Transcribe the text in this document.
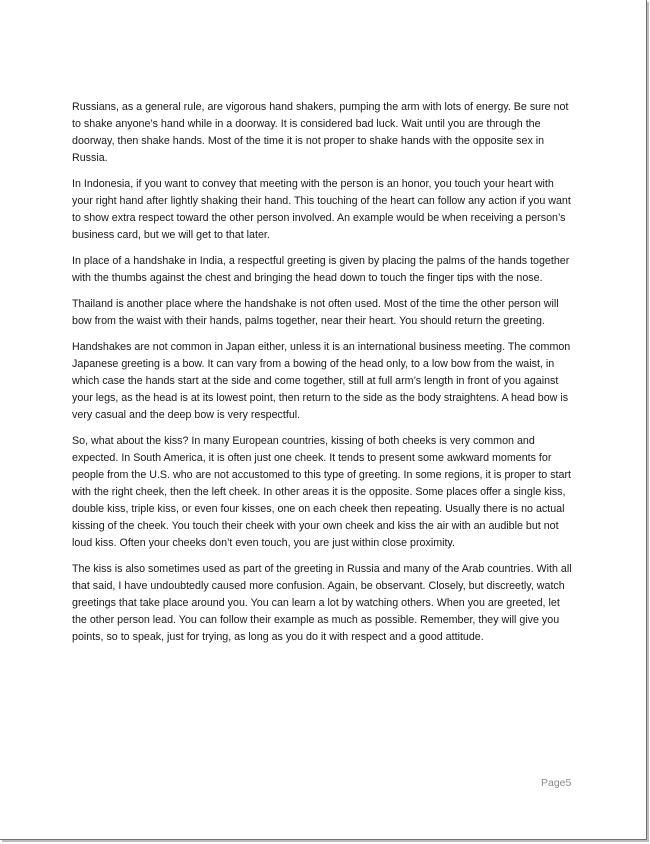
Russians, as a general rule, are vigorous hand shakers, pumping the arm with lots of energy. Be sure not to shake anyone’s hand while in a doorway. It is considered bad luck. Wait until you are through the doorway, then shake hands. Most of the time it is not proper to shake hands with the opposite sex in Russia.

In Indonesia, if you want to convey that meeting with the person is an honor, you touch your heart with your right hand after lightly shaking their hand. This touching of the heart can follow any action if you want to show extra respect toward the other person involved. An example would be when receiving a person’s business card, but we will get to that later.

In place of a handshake in India, a respectful greeting is given by placing the palms of the hands together with the thumbs against the chest and bringing the head down to touch the finger tips with the nose.

Thailand is another place where the handshake is not often used. Most of the time the other person will bow from the waist with their hands, palms together, near their heart. You should return the greeting.

Handshakes are not common in Japan either, unless it is an international business meeting. The common Japanese greeting is a bow. It can vary from a bowing of the head only, to a low bow from the waist, in which case the hands start at the side and come together, still at full arm’s length in front of you against your legs, as the head is at its lowest point, then return to the side as the body straightens. A head bow is very casual and the deep bow is very respectful.

So, what about the kiss? In many European countries, kissing of both cheeks is very common and expected. In South America, it is often just one cheek. It tends to present some awkward moments for people from the U.S. who are not accustomed to this type of greeting. In some regions, it is proper to start with the right cheek, then the left cheek. In other areas it is the opposite. Some places offer a single kiss, double kiss, triple kiss, or even four kisses, one on each cheek then repeating. Usually there is no actual kissing of the cheek. You touch their cheek with your own cheek and kiss the air with an audible but not loud kiss. Often your cheeks don’t even touch, you are just within close proximity.

The kiss is also sometimes used as part of the greeting in Russia and many of the Arab countries. With all that said, I have undoubtedly caused more confusion. Again, be observant. Closely, but discreetly, watch greetings that take place around you. You can learn a lot by watching others. When you are greeted, let the other person lead. You can follow their example as much as possible. Remember, they will give you points, so to speak, just for trying, as long as you do it with respect and a good attitude.

Page5
